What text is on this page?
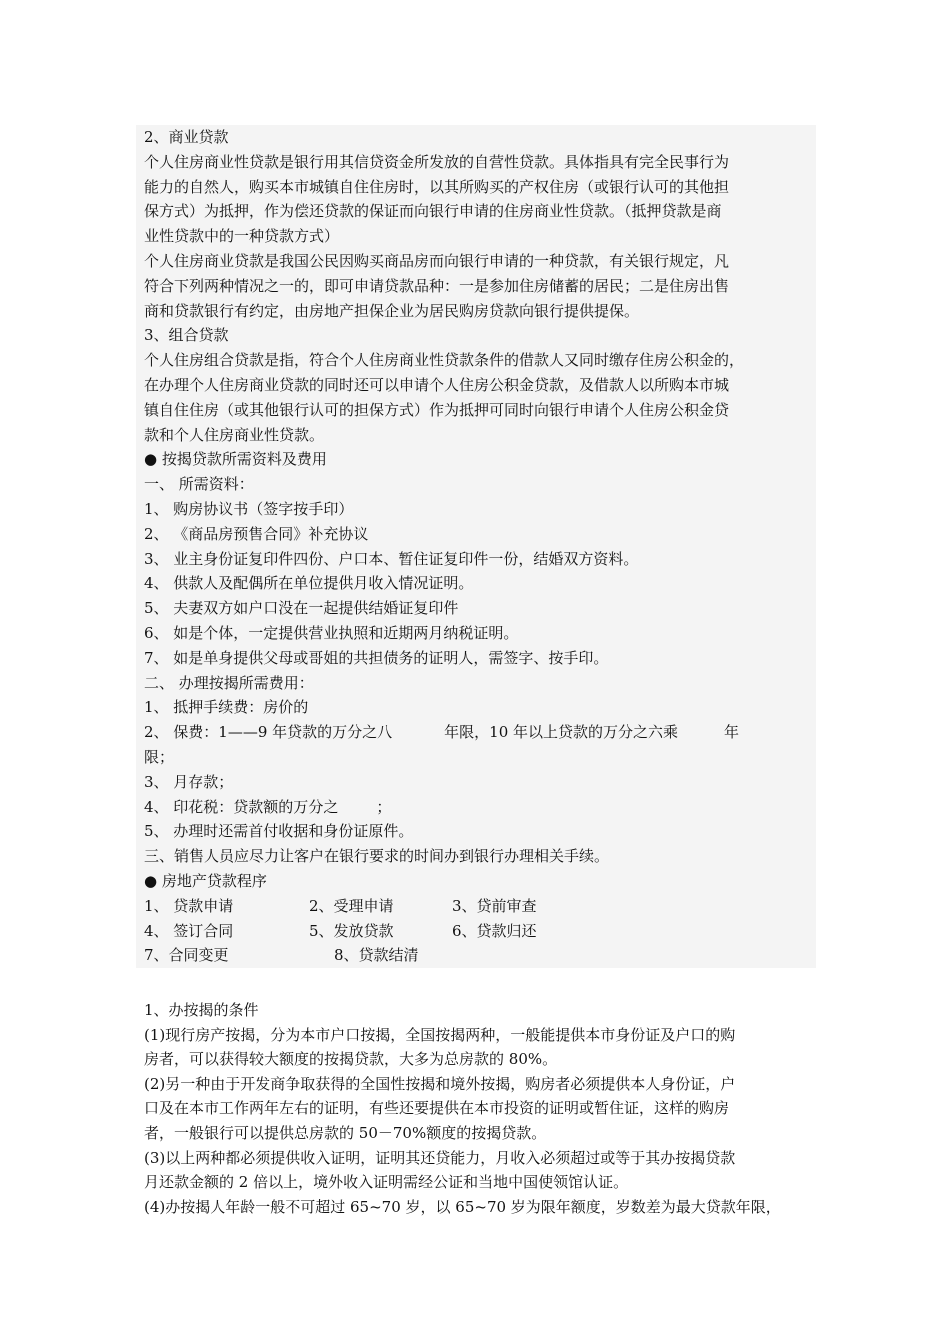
2、商业贷款
个人住房商业性贷款是银行用其信贷资金所发放的自营性贷款。具体指具有完全民事行为
能力的自然人，购买本市城镇自住住房时，以其所购买的产权住房（或银行认可的其他担
保方式）为抵押，作为偿还贷款的保证而向银行申请的住房商业性贷款。（抵押贷款是商
业性贷款中的一种贷款方式）
个人住房商业贷款是我国公民因购买商品房而向银行申请的一种贷款，有关银行规定，凡
符合下列两种情况之一的，即可申请贷款品种：一是参加住房储蓄的居民；二是住房出售
商和贷款银行有约定，由房地产担保企业为居民购房贷款向银行提供提保。
3、组合贷款
个人住房组合贷款是指，符合个人住房商业性贷款条件的借款人又同时缴存住房公积金的，
在办理个人住房商业贷款的同时还可以申请个人住房公积金贷款，及借款人以所购本市城
镇自住住房（或其他银行认可的担保方式）作为抵押可同时向银行申请个人住房公积金贷
款和个人住房商业性贷款。
● 按揭贷款所需资料及费用
一、 所需资料：
1、 购房协议书（签字按手印）
2、 《商品房预售合同》补充协议
3、 业主身份证复印件四份、户口本、暂住证复印件一份，结婚双方资料。
4、 供款人及配偶所在单位提供月收入情况证明。
5、 夫妻双方如户口没在一起提供结婚证复印件
6、 如是个体，一定提供营业执照和近期两月纳税证明。
7、 如是单身提供父母或哥姐的共担债务的证明人，需签字、按手印。
二、 办理按揭所需费用：
1、 抵押手续费：房价的
2、 保费：1——9 年贷款的万分之八	年限，10 年以上贷款的万分之六乘	年
限；
3、 月存款；
4、 印花税：贷款额的万分之	；
5、 办理时还需首付收据和身份证原件。
三、销售人员应尽力让客户在银行要求的时间办到银行办理相关手续。
● 房地产贷款程序
1、 贷款申请	2、受理申请	3、贷前审查
4、 签订合同	5、发放贷款	6、贷款归还
7、合同变更	8、贷款结清
1、办按揭的条件
(1)现行房产按揭，分为本市户口按揭，全国按揭两种，一般能提供本市身份证及户口的购
房者，可以获得较大额度的按揭贷款，大多为总房款的 80%。
(2)另一种由于开发商争取获得的全国性按揭和境外按揭，购房者必须提供本人身份证，户
口及在本市工作两年左右的证明，有些还要提供在本市投资的证明或暂住证，这样的购房
者，一般银行可以提供总房款的 50－70%额度的按揭贷款。
(3)以上两种都必须提供收入证明，证明其还贷能力，月收入必须超过或等于其办按揭贷款
月还款金额的 2 倍以上，境外收入证明需经公证和当地中国使领馆认证。
(4)办按揭人年龄一般不可超过 65~70 岁，以 65~70 岁为限年额度，岁数差为最大贷款年限，
